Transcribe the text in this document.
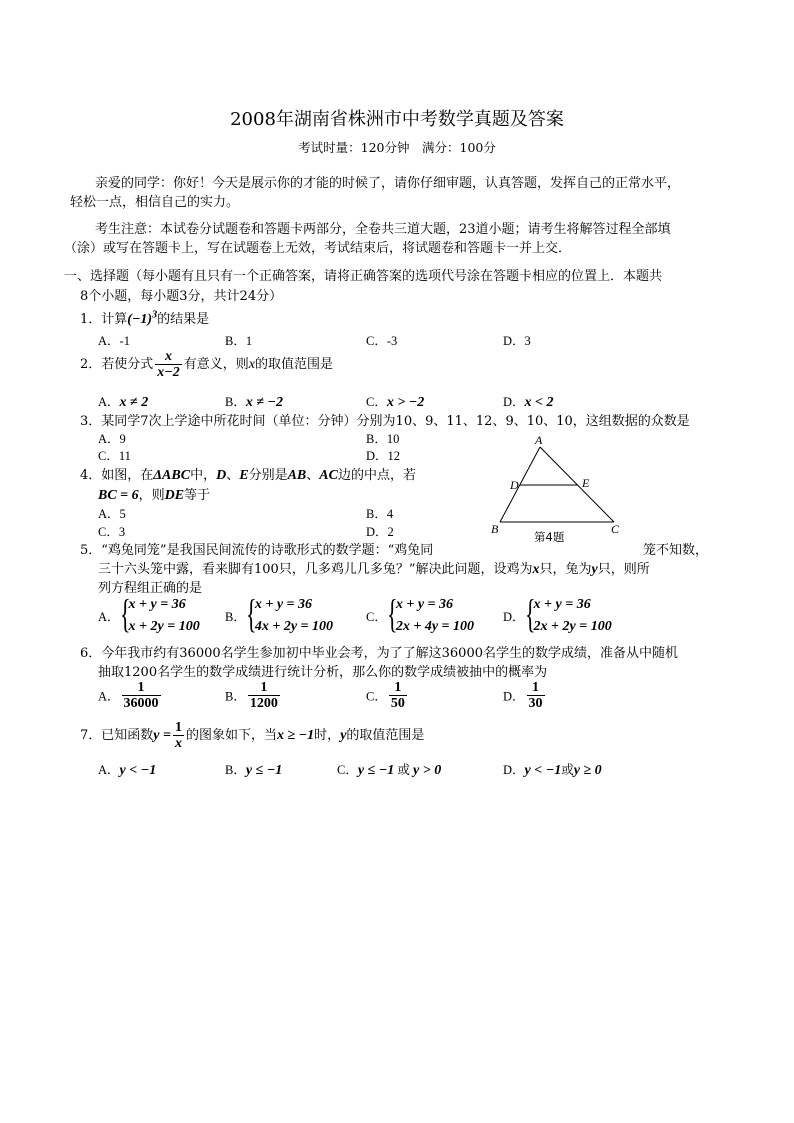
2008年湖南省株洲市中考数学真题及答案
考试时量：120分钟　满分：100分
亲爱的同学：你好！今天是展示你的才能的时候了，请你仔细审题，认真答题，发挥自己的正常水平，
轻松一点，相信自己的实力。
考生注意：本试卷分试题卷和答题卡两部分，全卷共三道大题，23道小题；请考生将解答过程全部填
（涂）或写在答题卡上，写在试题卷上无效，考试结束后，将试题卷和答题卡一并上交．
一、选择题（每小题有且只有一个正确答案，请将正确答案的选项代号涂在答题卡相应的位置上．本题共
8个小题，每小题3分，共计24分）
1．计算$(-1)^3$的结果是
A．-1	B．1	C．-3	D．3
2．若使分式 $\frac{x}{x-2}$ 有意义，则x的取值范围是
A．x ≠ 2	B．x ≠ −2	C．x > −2	D．x < 2
3．某同学7次上学途中所花时间（单位：分钟）分别为10、9、11、12、9、10、10，这组数据的众数是
A．9	B．10
C．11	D．12
4．如图，在ΔABC中，D、E分别是AB、AC边的中点，若
BC = 6，则DE等于
A．5	B．4
C．3	D．2
A
B	C
D	E
第4题
5．“鸡兔同笼”是我国民间流传的诗歌形式的数学题：“鸡兔同	笼不知数，
三十六头笼中露，看来脚有100只，几多鸡儿几多兔？”解决此问题，设鸡为x只，兔为y只，则所
列方程组正确的是
A． {
x + y = 36
x + 2y = 100
B． {
x + y = 36
4x + 2y = 100
C． {
x + y = 36
2x + 4y = 100
D． {
x + y = 36
2x + 2y = 100
6．今年我市约有36000名学生参加初中毕业会考，为了了解这36000名学生的数学成绩，准备从中随机
抽取1200名学生的数学成绩进行统计分析，那么你的数学成绩被抽中的概率为
A． $\frac{1}{36000}$	B． $\frac{1}{1200}$	C． $\frac{1}{50}$	D． $\frac{1}{30}$
7．已知函数$y = \frac{1}{x}$ 的图象如下，当x ≥ −1时，y的取值范围是
A．y < −1	B．y ≤ −1	C．y ≤ −1 或 y > 0	D．y < −1或y ≥ 0
